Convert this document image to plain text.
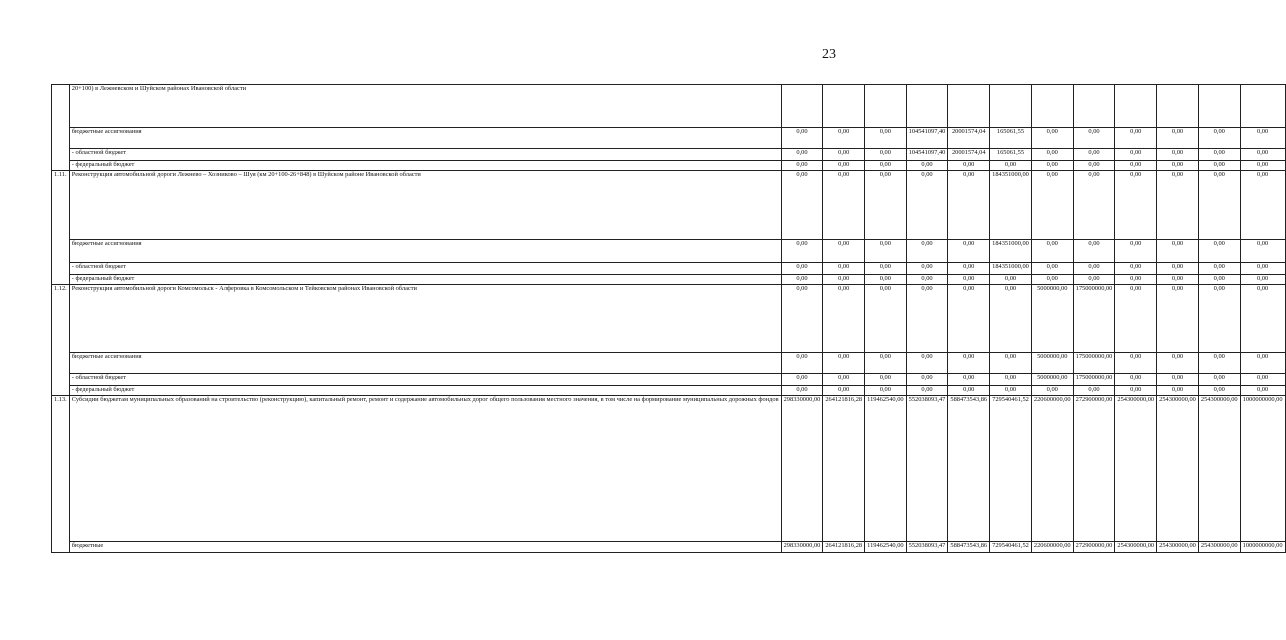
23
	20+100) в Лежневском и Шуйском районах Ивановской области												
	бюджетные ассигнования	0,00	0,00	0,00	104541097,40	20001574,04	165061,55	0,00	0,00	0,00	0,00	0,00	0,00
	- областной бюджет	0,00	0,00	0,00	104541097,40	20001574,04	165061,55	0,00	0,00	0,00	0,00	0,00	0,00
	- федеральный бюджет	0,00	0,00	0,00	0,00	0,00	0,00	0,00	0,00	0,00	0,00	0,00	0,00
1.11.	Реконструкция автомобильной дороги Лежнево – Хозниково – Шуя (км 20+100-26+848) в Шуйском районе Ивановской области	0,00	0,00	0,00	0,00	0,00	184351000,00	0,00	0,00	0,00	0,00	0,00	0,00
	бюджетные ассигнования	0,00	0,00	0,00	0,00	0,00	184351000,00	0,00	0,00	0,00	0,00	0,00	0,00
	- областной бюджет	0,00	0,00	0,00	0,00	0,00	184351000,00	0,00	0,00	0,00	0,00	0,00	0,00
	- федеральный бюджет	0,00	0,00	0,00	0,00	0,00	0,00	0,00	0,00	0,00	0,00	0,00	0,00
1.12.	Реконструкция автомобильной дороги Комсомольск - Алферовка в Комсомольском и Тейковском районах Ивановской области	0,00	0,00	0,00	0,00	0,00	0,00	5000000,00	175000000,00	0,00	0,00	0,00	0,00
	бюджетные ассигнования	0,00	0,00	0,00	0,00	0,00	0,00	5000000,00	175000000,00	0,00	0,00	0,00	0,00
	- областной бюджет	0,00	0,00	0,00	0,00	0,00	0,00	5000000,00	175000000,00	0,00	0,00	0,00	0,00
	- федеральный бюджет	0,00	0,00	0,00	0,00	0,00	0,00	0,00	0,00	0,00	0,00	0,00	0,00
1.13.	Субсидии бюджетам муниципальных образований на строительство (реконструкцию), капитальный ремонт, ремонт и содержание автомобильных дорог общего пользования местного значения, в том числе на формирование муниципальных дорожных фондов	298330000,00	264121816,28	119462540,00	552038093,47	588473543,86	729540461,52	220600000,00	272900000,00	254300000,00	254300000,00	254300000,00	1000000000,00
	бюджетные	298330000,00	264121816,28	119462540,00	552038093,47	588473543,86	729540461,52	220600000,00	272900000,00	254300000,00	254300000,00	254300000,00	1000000000,00
